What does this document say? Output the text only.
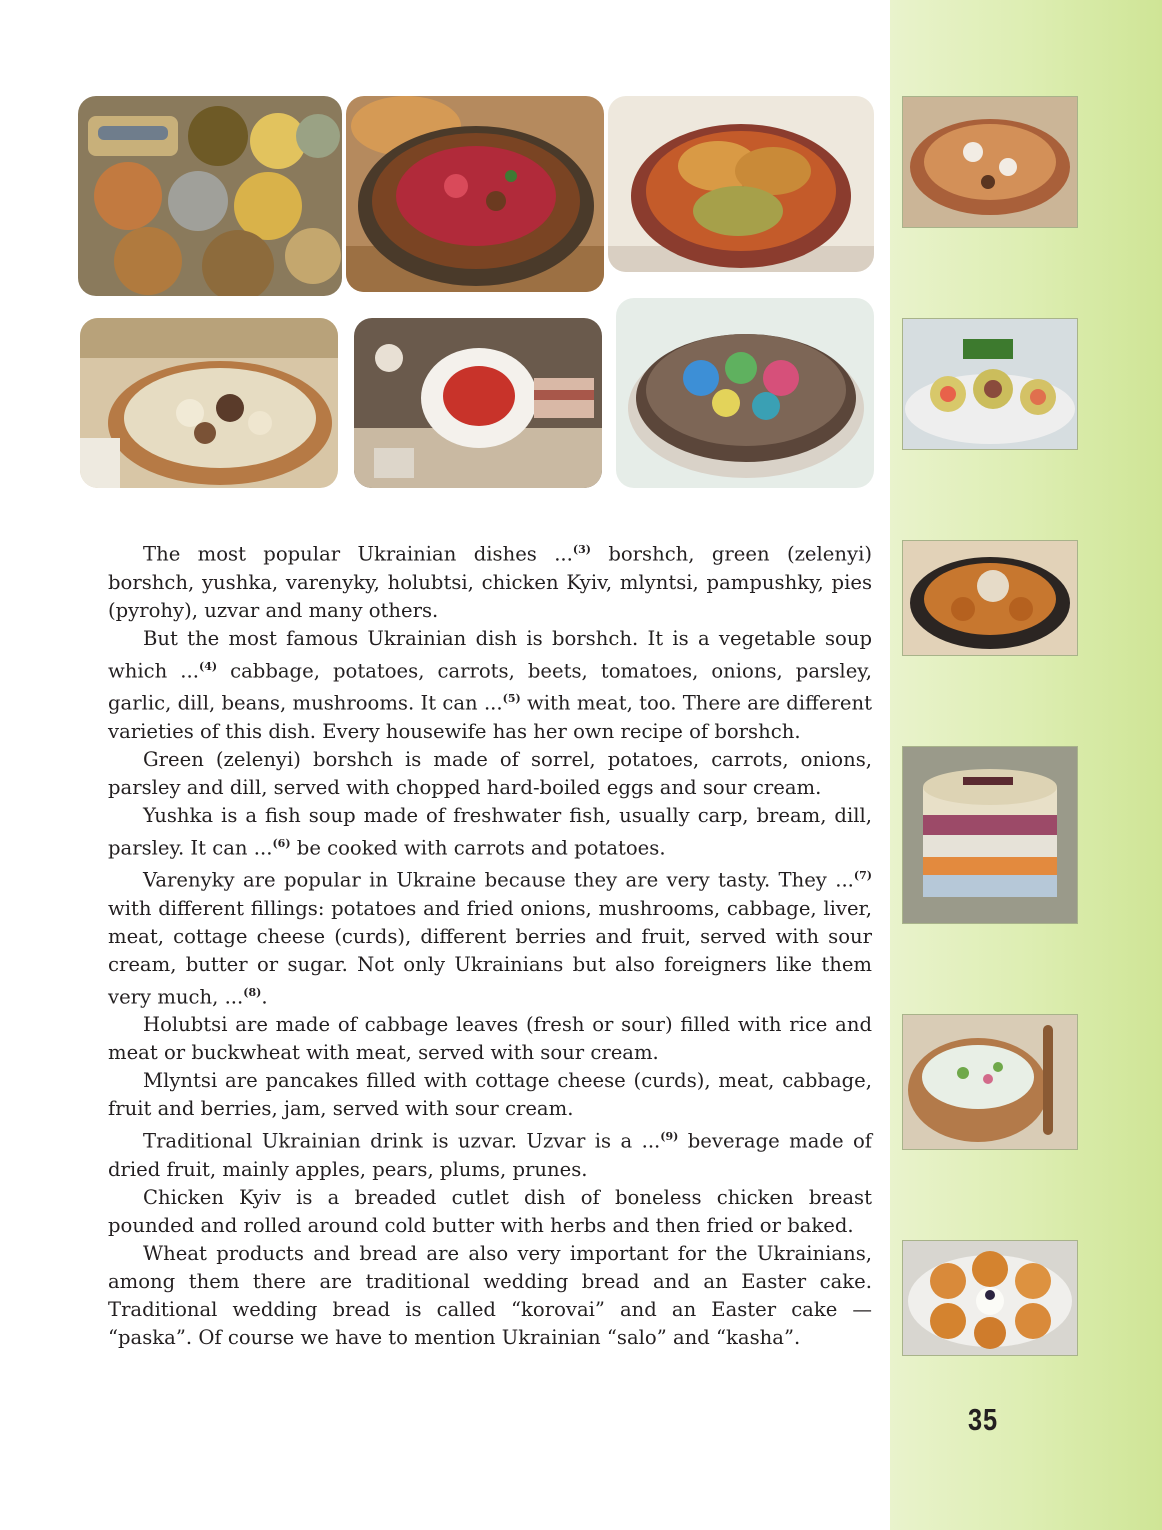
The most popular Ukrainian dishes ...$^{(3)}$ borshch, green (zelenyi) borshch, yushka, varenyky, holubtsi, chicken Kyiv, mlyntsi, pampushky, pies (pyrohy), uzvar and many others.

But the most famous Ukrainian dish is borshch. It is a vegetable soup which ...$^{(4)}$ cabbage, potatoes, carrots, beets, tomatoes, onions, parsley, garlic, dill, beans, mushrooms. It can ...$^{(5)}$ with meat, too. There are different varieties of this dish. Every housewife has her own recipe of borshch.

Green (zelenyi) borshch is made of sorrel, potatoes, carrots, onions, parsley and dill, served with chopped hard-boiled eggs and sour cream.

Yushka is a fish soup made of freshwater fish, usually carp, bream, dill, parsley. It can ...$^{(6)}$ be cooked with carrots and potatoes.

Varenyky are popular in Ukraine because they are very tasty. They ...$^{(7)}$ with different fillings: potatoes and fried onions, mushrooms, cabbage, liver, meat, cottage cheese (curds), different berries and fruit, served with sour cream, butter or sugar. Not only Ukrainians but also foreigners like them very much, ...$^{(8)}$.

Holubtsi are made of cabbage leaves (fresh or sour) filled with rice and meat or buckwheat with meat, served with sour cream.

Mlyntsi are pancakes filled with cottage cheese (curds), meat, cabbage, fruit and berries, jam, served with sour cream.

Traditional Ukrainian drink is uzvar. Uzvar is a ...$^{(9)}$ beverage made of dried fruit, mainly apples, pears, plums, prunes.

Chicken Kyiv is a breaded cutlet dish of boneless chicken breast pounded and rolled around cold butter with herbs and then fried or baked.

Wheat products and bread are also very important for the Ukrainians, among them there are traditional wedding bread and an Easter cake. Traditional wedding bread is called “korovai” and an Easter cake — “paska”. Of course we have to mention Ukrainian “salo” and “kasha”.

35
